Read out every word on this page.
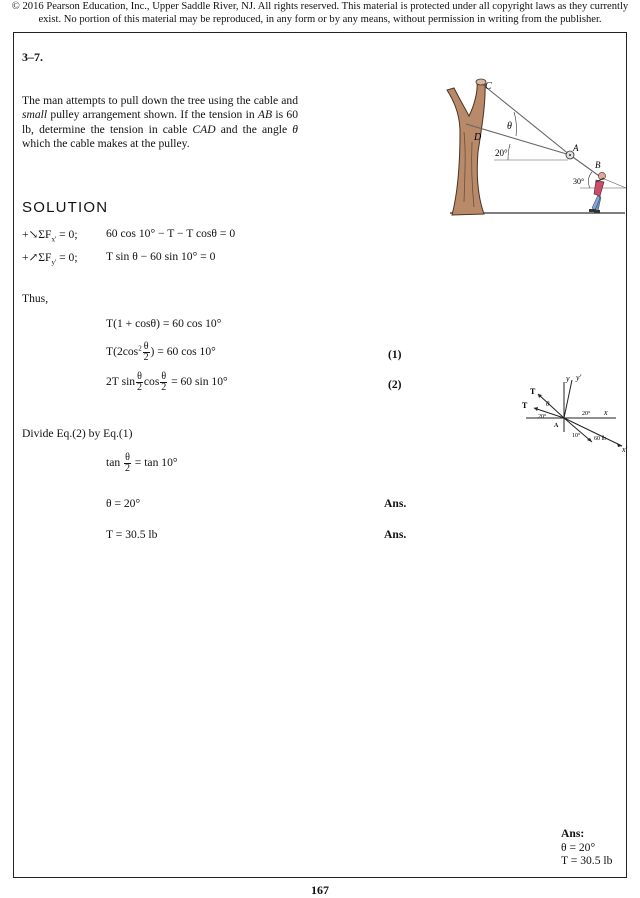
© 2016 Pearson Education, Inc., Upper Saddle River, NJ. All rights reserved. This material is protected under all copyright laws as they currently
exist. No portion of this material may be reproduced, in any form or by any means, without permission in writing from the publisher.
3–7.
The man attempts to pull down the tree using the cable and small pulley arrangement shown. If the tension in AB is 60 lb, determine the tension in cable CAD and the angle θ which the cable makes at the pulley.
C
D
A
B
θ
20°
30°
SOLUTION
$+↘\Sigma F_{x'} = 0$; 60 cos 10° − T − T cosθ = 0
$+↗\Sigma F_{y'} = 0$; T sin θ − 60 sin 10° = 0
Thus,
T(1 + cosθ) = 60 cos 10°
$T(2\cos^2 \frac{\theta}{2}$ ) = 60 cos 10°	(1)
2T $\sin \frac{\theta}{2}$ $\cos \frac{\theta}{2} = 60$ sin 10°	(2)	y y'
x
x'
T
T	θ
20°	20°
10° 60 lb
A
Divide Eq.(2) by Eq.(1)
$\tan \frac{\theta}{2} = \tan 10^\circ$
θ = 20°	Ans.
T = 30.5 lb	Ans.
Ans:
θ = 20°
T = 30.5 lb
167
